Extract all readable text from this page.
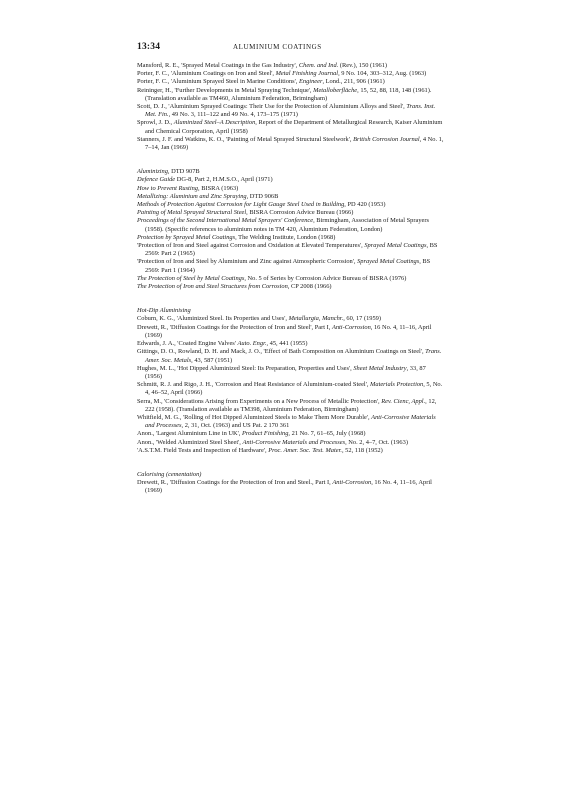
13:34	ALUMINIUM COATINGS
Mansford, R. E., 'Sprayed Metal Coatings in the Gas Industry', Chem. and Ind. (Rev.), 150 (1961)
Porter, F. C., 'Aluminium Coatings on Iron and Steel', Metal Finishing Journal, 9 No. 104, 303–312, Aug. (1963)
Porter, F. C., 'Aluminium Sprayed Steel in Marine Conditions', Engineer, Lond., 211, 906 (1961)
Reininger, H., 'Further Developments in Metal Spraying Technique', Metalloberfläche, 15, 52, 88, 118, 148 (1961). (Translation available as TM460, Aluminium Federation, Brimingham)
Scott, D. J., 'Aluminium Sprayed Coatings: Their Use for the Protection of Aluminium Alloys and Steel', Trans. Inst. Met. Fin., 49 No. 3, 111–122 and 49 No. 4, 173–175 (1971)
Sprowl, J. D., Aluminized Steel–A Description, Report of the Department of Metallurgical Research, Kaiser Aluminium and Chemical Corporation, April (1958)
Stanners, J. F. and Watkins, K. O., 'Painting of Metal Sprayed Structural Steelwork', British Corrosion Journal, 4 No. 1, 7–14, Jan (1969)
Aluminizing, DTD 907B
Defence Guide DG-8, Part 2, H.M.S.O., April (1971)
How to Prevent Rusting, BISRA (1963)
Metallizing: Aluminium and Zinc Spraying, DTD 906B
Methods of Protection Against Corrosion for Light Gauge Steel Used in Building, PD 420 (1953)
Painting of Metal Sprayed Structural Steel, BISRA Corrosion Advice Bureau (1966)
Proceedings of the Second International Metal Sprayers' Conference, Birmingham, Association of Metal Sprayers (1958). (Specific references to aluminium notes in TM 420, Aluminium Federation, London)
Protection by Sprayed Metal Coatings, The Welding Institute, London (1968)
'Protection of Iron and Steel against Corrosion and Oxidation at Elevated Temperatures', Sprayed Metal Coatings, BS 2569: Part 2 (1965)
'Protection of Iron and Steel by Aluminium and Zinc against Atmospheric Corrosion', Sprayed Metal Coatings, BS 2569: Part 1 (1964)
The Protection of Steel by Metal Coatings, No. 5 of Series by Corrosion Advice Bureau of BISRA (1976)
The Protection of Iron and Steel Structures from Corrosion, CP 2008 (1966)
Hot-Dip Aluminising
Coburn, K. G., 'Aluminized Steel. Its Properties and Uses', Metallurgia, Manchr., 60, 17 (1959)
Drewett, R., 'Diffusion Coatings for the Protection of Iron and Steel', Part I, Anti-Corrosion, 16 No. 4, 11–16, April (1969)
Edwards, J. A., 'Coated Engine Valves' Auto. Engr., 45, 441 (1955)
Gittings, D. O., Rowland, D. H. and Mack, J. O., 'Effect of Bath Composition on Aluminium Coatings on Steel', Trans. Amer. Soc. Metals, 43, 587 (1951)
Hughes, M. L., 'Hot Dipped Aluminized Steel: Its Preparation, Properties and Uses', Sheet Metal Industry, 33, 87 (1956)
Schmitt, R. J. and Rigo, J. H., 'Corrosion and Heat Resistance of Aluminium-coated Steel', Materials Protection, 5, No. 4, 46–52, April (1966)
Serra, M., 'Considerations Arising from Experiments on a New Process of Metallic Protection', Rev. Cienc, Appl., 12, 222 (1958). (Translation available as TM398, Aluminium Federation, Birmingham)
Whitfield, M. G., 'Rolling of Hot Dipped Aluminized Steels to Make Them More Durable', Anti-Corrosive Materials and Processes, 2, 31, Oct. (1963) and US Pat. 2 170 361
Anon., 'Largest Aluminium Line in UK', Product Finishing, 21 No. 7, 61–65, July (1968)
Anon., 'Welded Aluminized Steel Sheet', Anti-Corrosive Materials and Processes, No. 2, 4–7, Oct. (1963)
'A.S.T.M. Field Tests and Inspection of Hardware', Proc. Amer. Soc. Test. Mater., 52, 118 (1952)
Calorising (cementation)
Drewett, R., 'Diffusion Coatings for the Protection of Iron and Steel., Part I, Anti-Corrosion, 16 No. 4, 11–16, April (1969)
